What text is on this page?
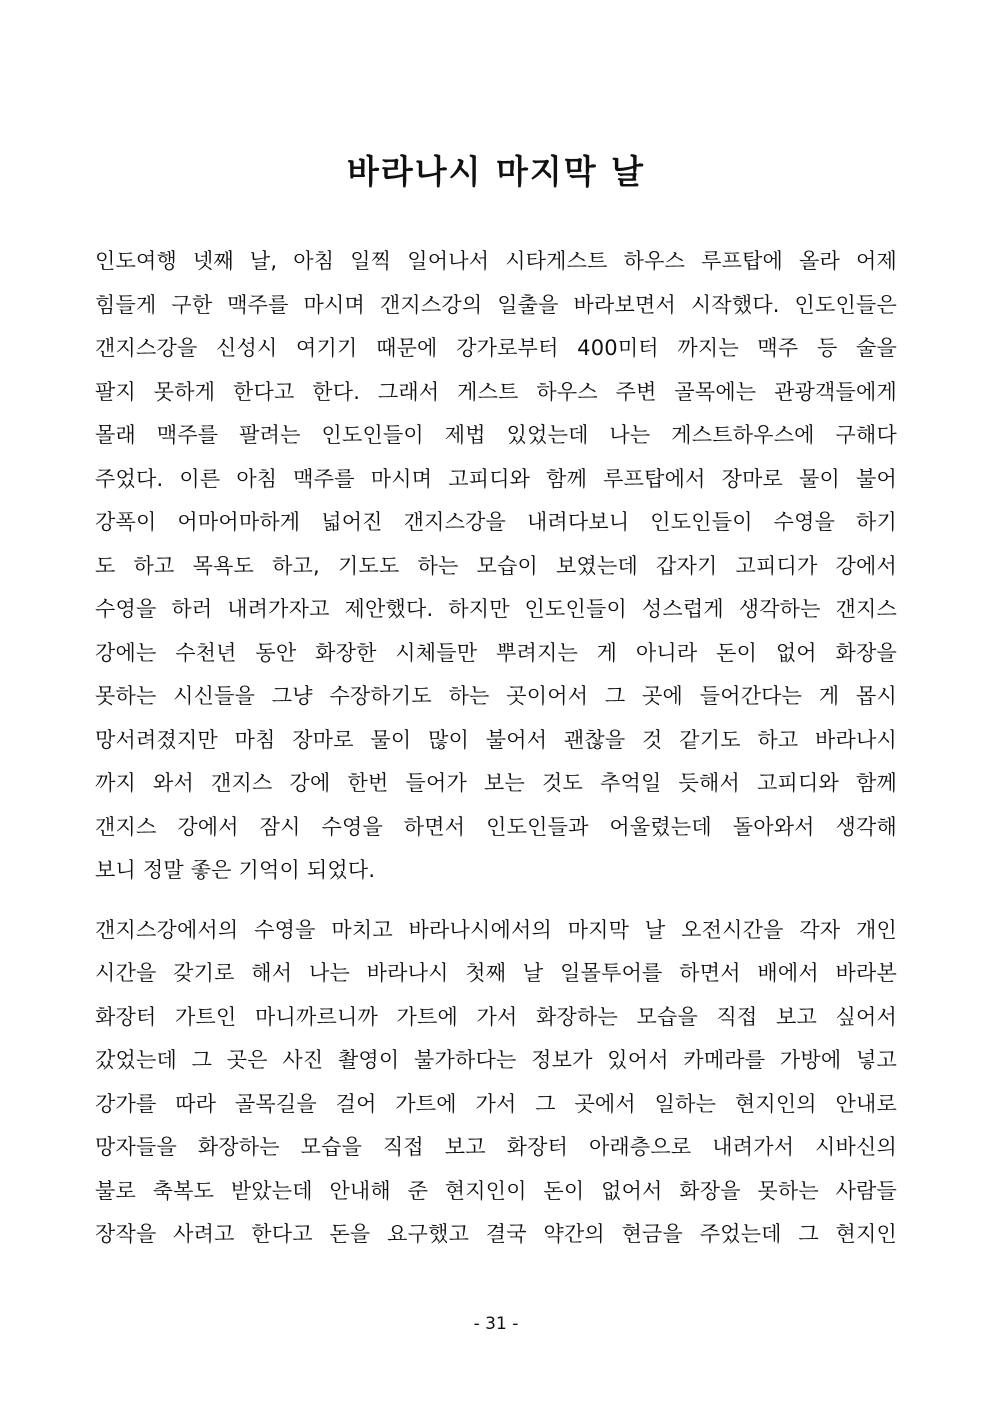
바라나시 마지막 날
인도여행 넷째 날, 아침 일찍 일어나서 시타게스트 하우스 루프탑에 올라 어제
힘들게 구한 맥주를 마시며 갠지스강의 일출을 바라보면서 시작했다. 인도인들은
갠지스강을 신성시 여기기 때문에 강가로부터 400미터 까지는 맥주 등 술을
팔지 못하게 한다고 한다. 그래서 게스트 하우스 주변 골목에는 관광객들에게
몰래 맥주를 팔려는 인도인들이 제법 있었는데 나는 게스트하우스에 구해다
주었다. 이른 아침 맥주를 마시며 고피디와 함께 루프탑에서 장마로 물이 불어
강폭이 어마어마하게 넓어진 갠지스강을 내려다보니 인도인들이 수영을 하기
도 하고 목욕도 하고, 기도도 하는 모습이 보였는데 갑자기 고피디가 강에서
수영을 하러 내려가자고 제안했다. 하지만 인도인들이 성스럽게 생각하는 갠지스
강에는 수천년 동안 화장한 시체들만 뿌려지는 게 아니라 돈이 없어 화장을
못하는 시신들을 그냥 수장하기도 하는 곳이어서 그 곳에 들어간다는 게 몹시
망서려졌지만 마침 장마로 물이 많이 불어서 괜찮을 것 같기도 하고 바라나시
까지 와서 갠지스 강에 한번 들어가 보는 것도 추억일 듯해서 고피디와 함께
갠지스 강에서 잠시 수영을 하면서 인도인들과 어울렸는데 돌아와서 생각해
보니 정말 좋은 기억이 되었다.
갠지스강에서의 수영을 마치고 바라나시에서의 마지막 날 오전시간을 각자 개인
시간을 갖기로 해서 나는 바라나시 첫째 날 일몰투어를 하면서 배에서 바라본
화장터 가트인 마니까르니까 가트에 가서 화장하는 모습을 직접 보고 싶어서
갔었는데 그 곳은 사진 촬영이 불가하다는 정보가 있어서 카메라를 가방에 넣고
강가를 따라 골목길을 걸어 가트에 가서 그 곳에서 일하는 현지인의 안내로
망자들을 화장하는 모습을 직접 보고 화장터 아래층으로 내려가서 시바신의
불로 축복도 받았는데 안내해 준 현지인이 돈이 없어서 화장을 못하는 사람들
장작을 사려고 한다고 돈을 요구했고 결국 약간의 현금을 주었는데 그 현지인
- 31 -
